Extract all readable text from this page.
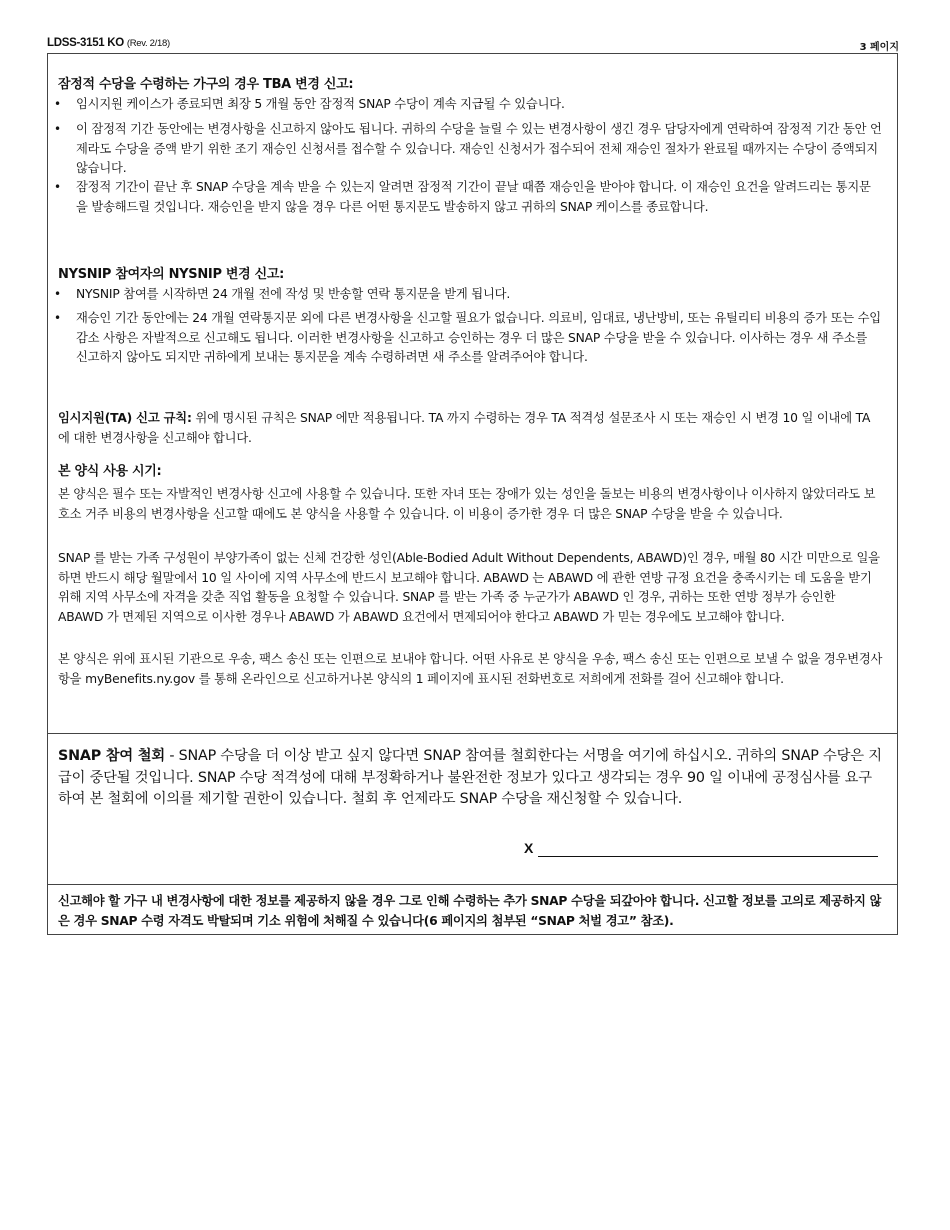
LDSS-3151 KO (Rev. 2/18)	3 페이지
잠정적 수당을 수령하는 가구의 경우 TBA 변경 신고:
• 임시지원 케이스가 종료되면 최장 5 개월 동안 잠정적 SNAP 수당이 계속 지급될 수 있습니다.
• 이 잠정적 기간 동안에는 변경사항을 신고하지 않아도 됩니다. 귀하의 수당을 늘릴 수 있는 변경사항이 생긴 경우 담당자에게 연락하여 잠정적 기간 동안 언제라도 수당을 증액 받기 위한 조기 재승인 신청서를 접수할 수 있습니다. 재승인 신청서가 접수되어 전체 재승인 절차가 완료될 때까지는 수당이 증액되지 않습니다.
• 잠정적 기간이 끝난 후 SNAP 수당을 계속 받을 수 있는지 알려면 잠정적 기간이 끝날 때쯤 재승인을 받아야 합니다. 이 재승인 요건을 알려드리는 통지문을 발송해드릴 것입니다. 재승인을 받지 않을 경우 다른 어떤 통지문도 발송하지 않고 귀하의 SNAP 케이스를 종료합니다.
NYSNIP 참여자의 NYSNIP 변경 신고:
• NYSNIP 참여를 시작하면 24 개월 전에 작성 및 반송할 연락 통지문을 받게 됩니다.
• 재승인 기간 동안에는 24 개월 연락통지문 외에 다른 변경사항을 신고할 필요가 없습니다. 의료비, 임대료, 냉난방비, 또는 유틸리티 비용의 증가 또는 수입 감소 사항은 자발적으로 신고해도 됩니다. 이러한 변경사항을 신고하고 승인하는 경우 더 많은 SNAP 수당을 받을 수 있습니다. 이사하는 경우 새 주소를 신고하지 않아도 되지만 귀하에게 보내는 통지문을 계속 수령하려면 새 주소를 알려주어야 합니다.
임시지원(TA) 신고 규칙: 위에 명시된 규칙은 SNAP 에만 적용됩니다. TA 까지 수령하는 경우 TA 적격성 설문조사 시 또는 재승인 시 변경 10 일 이내에 TA 에 대한 변경사항을 신고해야 합니다.
본 양식 사용 시기:
본 양식은 필수 또는 자발적인 변경사항 신고에 사용할 수 있습니다. 또한 자녀 또는 장애가 있는 성인을 돌보는 비용의 변경사항이나 이사하지 않았더라도 보호소 거주 비용의 변경사항을 신고할 때에도 본 양식을 사용할 수 있습니다. 이 비용이 증가한 경우 더 많은 SNAP 수당을 받을 수 있습니다.
SNAP 를 받는 가족 구성원이 부양가족이 없는 신체 건강한 성인(Able-Bodied Adult Without Dependents, ABAWD)인 경우, 매월 80 시간 미만으로 일을 하면 반드시 해당 월말에서 10 일 사이에 지역 사무소에 반드시 보고해야 합니다. ABAWD 는 ABAWD 에 관한 연방 규정 요건을 충족시키는 데 도움을 받기 위해 지역 사무소에 자격을 갖춘 직업 활동을 요청할 수 있습니다. SNAP 를 받는 가족 중 누군가가 ABAWD 인 경우, 귀하는 또한 연방 정부가 승인한 ABAWD 가 면제된 지역으로 이사한 경우나 ABAWD 가 ABAWD 요건에서 면제되어야 한다고 ABAWD 가 믿는 경우에도 보고해야 합니다.
본 양식은 위에 표시된 기관으로 우송, 팩스 송신 또는 인편으로 보내야 합니다. 어떤 사유로 본 양식을 우송, 팩스 송신 또는 인편으로 보낼 수 없을 경우변경사항을 myBenefits.ny.gov 를 통해 온라인으로 신고하거나본 양식의 1 페이지에 표시된 전화번호로 저희에게 전화를 걸어 신고해야 합니다.
SNAP 참여 철회 - SNAP 수당을 더 이상 받고 싶지 않다면 SNAP 참여를 철회한다는 서명을 여기에 하십시오. 귀하의 SNAP 수당은 지급이 중단될 것입니다. SNAP 수당 적격성에 대해 부정확하거나 불완전한 정보가 있다고 생각되는 경우 90 일 이내에 공정심사를 요구하여 본 철회에 이의를 제기할 권한이 있습니다. 철회 후 언제라도 SNAP 수당을 재신청할 수 있습니다.
X
신고해야 할 가구 내 변경사항에 대한 정보를 제공하지 않을 경우 그로 인해 수령하는 추가 SNAP 수당을 되갚아야 합니다. 신고할 정보를 고의로 제공하지 않은 경우 SNAP 수령 자격도 박탈되며 기소 위험에 처해질 수 있습니다(6 페이지의 첨부된 “SNAP 처벌 경고” 참조).
